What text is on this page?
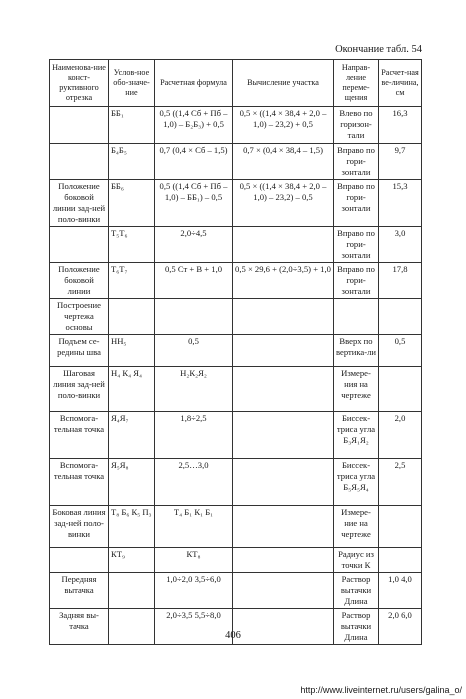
Окончание табл. 54
Наименова-ние конст-руктивного отрезка	Услов-ное обо-значе-ние	Расчетная формула	Вычисление участка	Направ-ление переме-щения	Расчет-ная ве-личина, см
	ББ₁	0,5 ((1,4 Сб + Пб – 1,0) – Б₂Б₃) + 0,5	0,5 × ((1,4 × 38,4 + 2,0 – 1,0) – 23,2) + 0,5	Влево по горизон-тали	16,3
	Б₄Б₅	0,7 (0,4 × Сб – 1,5)	0,7 × (0,4 × 38,4 – 1,5)	Вправо по гори-зонтали	9,7
Положение боковой линии зад-ней поло-винки	ББ₆	0,5 ((1,4 Сб + Пб – 1,0) – ББ₁) – 0,5	0,5 × ((1,4 × 38,4 + 2,0 – 1,0) – 23,2) – 0,5	Вправо по гори-зонтали	15,3
	Т₅Т₆	2,0÷4,5		Вправо по гори-зонтали	3,0
Положение боковой линии	Т₆Т₇	0,5 Ст + В + 1,0	0,5 × 29,6 + (2,0÷3,5) + 1,0	Вправо по гори-зонтали	17,8
Построение чертежа основы					
Подъем се-редины шва	НН₅	0,5		Вверх по вертика-ли	0,5
Шаговая линия зад-ней поло-винки	Н₄ К₄ Я₄	Н₂К₂Я₂		Измере-ния на чертеже	
Вспомога-тельная точка	Я₄Я₇	1,8÷2,5		Биссек-триса угла Б₃Я₁Я₂	2,0
Вспомога-тельная точка	Я₅Я₈	2,5…3,0		Биссек-триса угла Б₅Я₅Я₄	2,5
Боковая линия зад-ней поло-винки	Т₈ Б₆ К₅ П₃	Т₄ Б₁ К₁ Б₁		Измере-ние на чертеже	
	КТ₉	КТ₈		Радиус из точки К	
Передняя вытачка		1,0÷2,0 3,5÷6,0		Раствор вытачки Длина	1,0 4,0
Задняя вы-тачка		2,0÷3,5 5,5÷8,0		Раствор вытачки Длина	2,0 6,0
406
http://www.liveinternet.ru/users/galina_o/
